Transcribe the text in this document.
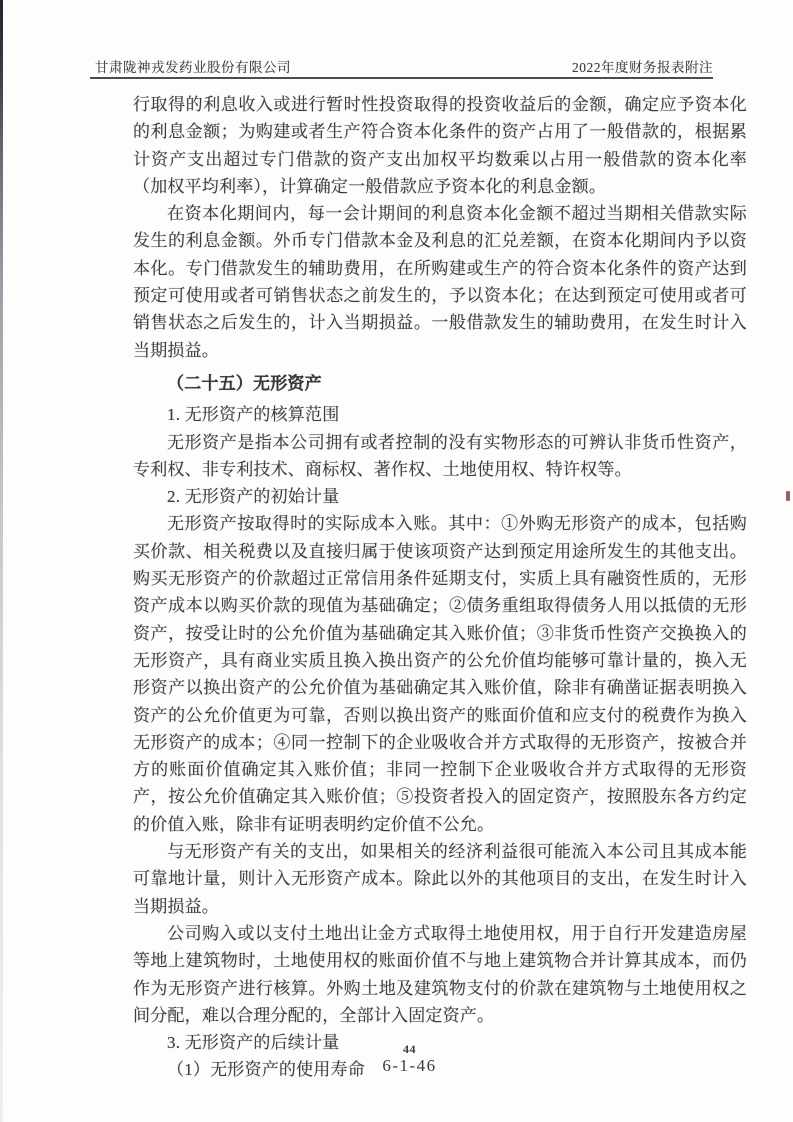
甘肃陇神戎发药业股份有限公司	2022年度财务报表附注

行取得的利息收入或进行暂时性投资取得的投资收益后的金额，确定应予资本化的利息金额；为购建或者生产符合资本化条件的资产占用了一般借款的，根据累计资产支出超过专门借款的资产支出加权平均数乘以占用一般借款的资本化率（加权平均利率），计算确定一般借款应予资本化的利息金额。

在资本化期间内，每一会计期间的利息资本化金额不超过当期相关借款实际发生的利息金额。外币专门借款本金及利息的汇兑差额，在资本化期间内予以资本化。专门借款发生的辅助费用，在所购建或生产的符合资本化条件的资产达到预定可使用或者可销售状态之前发生的，予以资本化；在达到预定可使用或者可销售状态之后发生的，计入当期损益。一般借款发生的辅助费用，在发生时计入当期损益。

（二十五）无形资产

1. 无形资产的核算范围

无形资产是指本公司拥有或者控制的没有实物形态的可辨认非货币性资产，专利权、非专利技术、商标权、著作权、土地使用权、特许权等。

2. 无形资产的初始计量

无形资产按取得时的实际成本入账。其中：①外购无形资产的成本，包括购买价款、相关税费以及直接归属于使该项资产达到预定用途所发生的其他支出。购买无形资产的价款超过正常信用条件延期支付，实质上具有融资性质的，无形资产成本以购买价款的现值为基础确定；②债务重组取得债务人用以抵债的无形资产，按受让时的公允价值为基础确定其入账价值；③非货币性资产交换换入的无形资产，具有商业实质且换入换出资产的公允价值均能够可靠计量的，换入无形资产以换出资产的公允价值为基础确定其入账价值，除非有确凿证据表明换入资产的公允价值更为可靠，否则以换出资产的账面价值和应支付的税费作为换入无形资产的成本；④同一控制下的企业吸收合并方式取得的无形资产，按被合并方的账面价值确定其入账价值；非同一控制下企业吸收合并方式取得的无形资产，按公允价值确定其入账价值；⑤投资者投入的固定资产，按照股东各方约定的价值入账，除非有证明表明约定价值不公允。

与无形资产有关的支出，如果相关的经济利益很可能流入本公司且其成本能可靠地计量，则计入无形资产成本。除此以外的其他项目的支出，在发生时计入当期损益。

公司购入或以支付土地出让金方式取得土地使用权，用于自行开发建造房屋等地上建筑物时，土地使用权的账面价值不与地上建筑物合并计算其成本，而仍作为无形资产进行核算。外购土地及建筑物支付的价款在建筑物与土地使用权之间分配，难以合理分配的，全部计入固定资产。

3. 无形资产的后续计量

（1）无形资产的使用寿命

44
6-1-46
